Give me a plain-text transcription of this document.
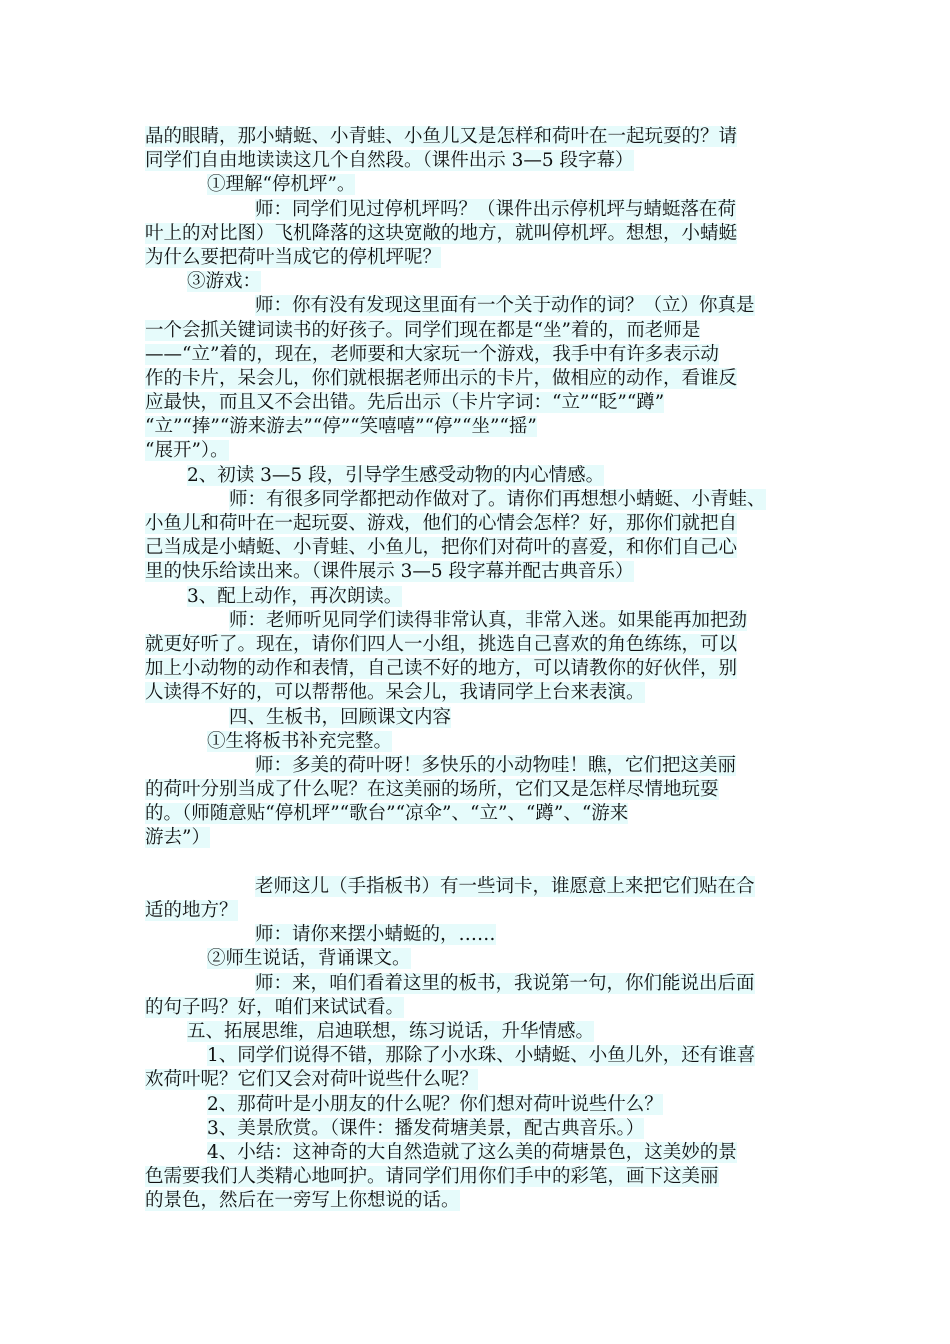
晶的眼睛，那小蜻蜓、小青蛙、小鱼儿又是怎样和荷叶在一起玩耍的？请
同学们自由地读读这几个自然段。（课件出示 3—5 段字幕）
①理解“停机坪”。
师：同学们见过停机坪吗？（课件出示停机坪与蜻蜓落在荷
叶上的对比图）飞机降落的这块宽敞的地方，就叫停机坪。想想，小蜻蜓
为什么要把荷叶当成它的停机坪呢？
③游戏：
师：你有没有发现这里面有一个关于动作的词？（立）你真是
一个会抓关键词读书的好孩子。同学们现在都是“坐”着的，而老师是
——“立”着的，现在，老师要和大家玩一个游戏，我手中有许多表示动
作的卡片，呆会儿，你们就根据老师出示的卡片，做相应的动作，看谁反
应最快，而且又不会出错。先后出示（卡片字词：“立”“眨”“蹲”
“立”“捧”“游来游去”“停”“笑嘻嘻”“停”“坐”“摇”
“展开”）。
2、初读 3—5 段，引导学生感受动物的内心情感。
师：有很多同学都把动作做对了。请你们再想想小蜻蜓、小青蛙、
小鱼儿和荷叶在一起玩耍、游戏，他们的心情会怎样？好，那你们就把自
己当成是小蜻蜓、小青蛙、小鱼儿，把你们对荷叶的喜爱，和你们自己心
里的快乐给读出来。（课件展示 3—5 段字幕并配古典音乐）
3、配上动作，再次朗读。
师：老师听见同学们读得非常认真，非常入迷。如果能再加把劲
就更好听了。现在，请你们四人一小组，挑选自己喜欢的角色练练，可以
加上小动物的动作和表情，自己读不好的地方，可以请教你的好伙伴，别
人读得不好的，可以帮帮他。呆会儿，我请同学上台来表演。
四、生板书，回顾课文内容
①生将板书补充完整。
师：多美的荷叶呀！多快乐的小动物哇！瞧，它们把这美丽
的荷叶分别当成了什么呢？在这美丽的场所，它们又是怎样尽情地玩耍
的。（师随意贴“停机坪”“歌台”“凉伞”、“立”、“蹲”、“游来
游去”）
老师这儿（手指板书）有一些词卡，谁愿意上来把它们贴在合
适的地方？
师：请你来摆小蜻蜓的，……
②师生说话，背诵课文。
师：来，咱们看着这里的板书，我说第一句，你们能说出后面
的句子吗？好，咱们来试试看。
五、拓展思维，启迪联想，练习说话，升华情感。
1、同学们说得不错，那除了小水珠、小蜻蜓、小鱼儿外，还有谁喜
欢荷叶呢？它们又会对荷叶说些什么呢？
2、那荷叶是小朋友的什么呢？你们想对荷叶说些什么？
3、美景欣赏。（课件：播发荷塘美景，配古典音乐。）
4、小结：这神奇的大自然造就了这么美的荷塘景色，这美妙的景
色需要我们人类精心地呵护。请同学们用你们手中的彩笔，画下这美丽
的景色，然后在一旁写上你想说的话。
